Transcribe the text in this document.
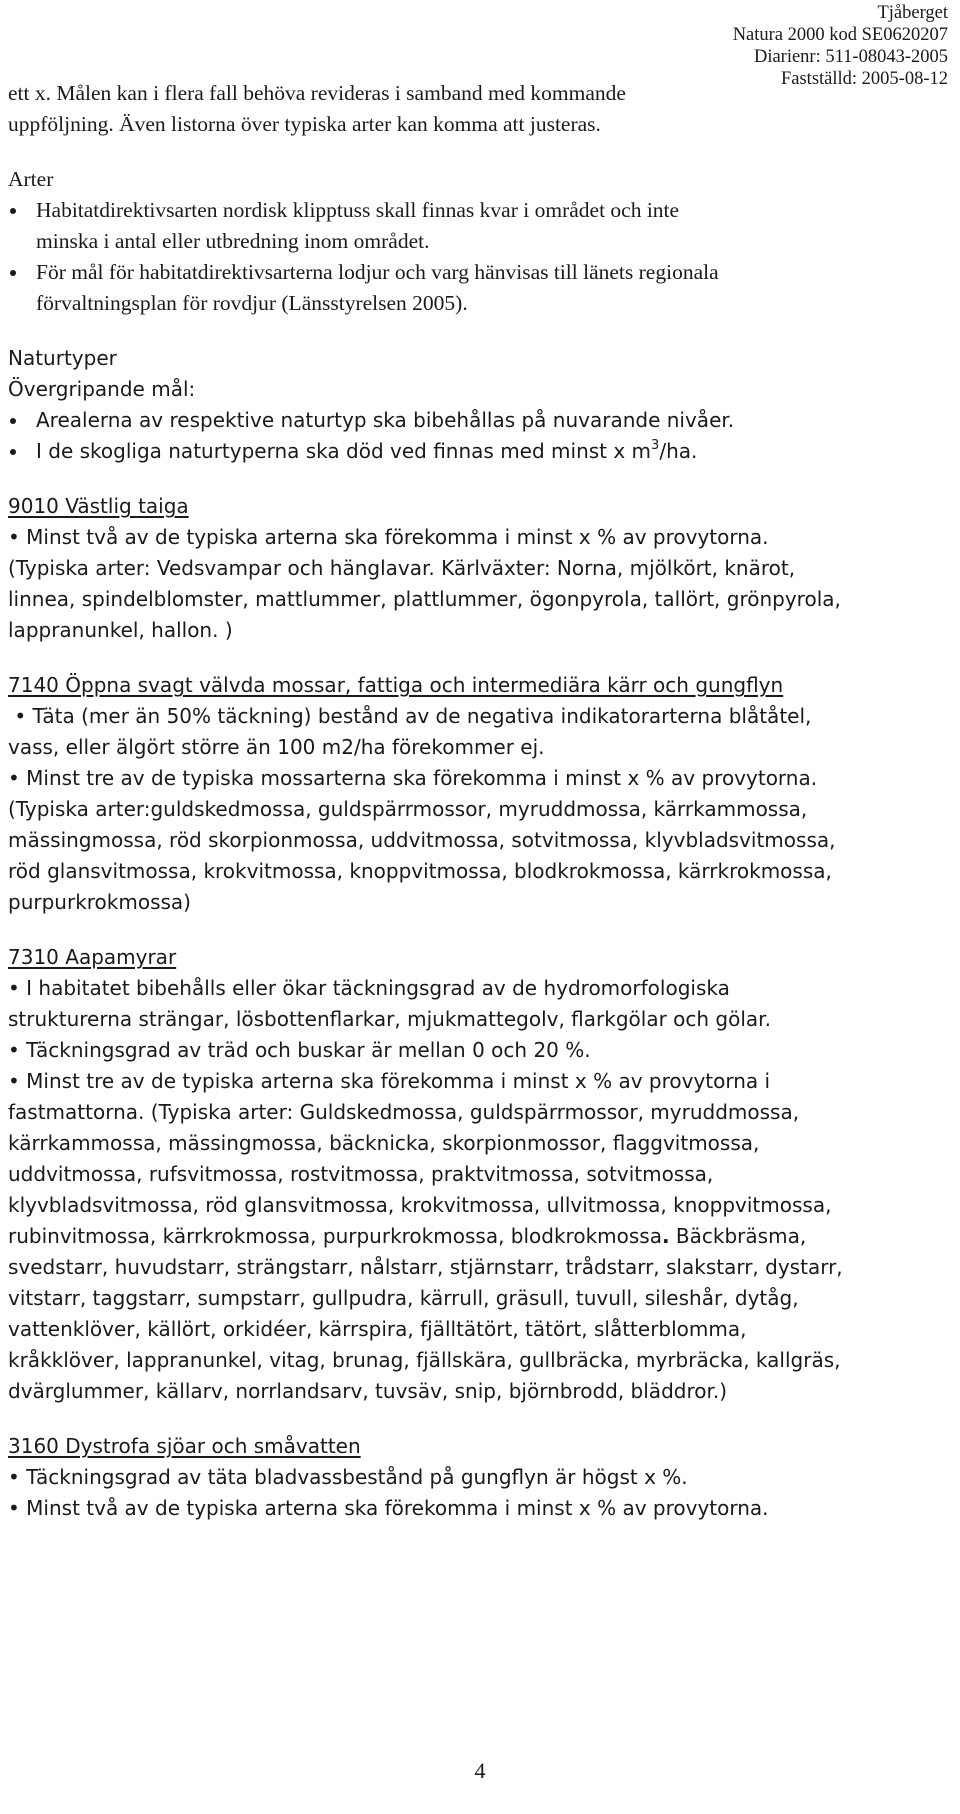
Tjåberget
Natura 2000 kod SE0620207
Diarienr: 511-08043-2005
Fastställd: 2005-08-12

ett x. Målen kan i flera fall behöva revideras i samband med kommande
uppföljning. Även listorna över typiska arter kan komma att justeras.

Arter

Habitatdirektivsarten nordisk klipptuss skall finnas kvar i området och inte
minska i antal eller utbredning inom området.
För mål för habitatdirektivsarterna lodjur och varg hänvisas till länets regionala
förvaltningsplan för rovdjur (Länsstyrelsen 2005).

Naturtyper

Övergripande mål:

Arealerna av respektive naturtyp ska bibehållas på nuvarande nivåer.
I de skogliga naturtyperna ska död ved finnas med minst x $m^3/ha$.

9010 Västlig taiga

• Minst två av de typiska arterna ska förekomma i minst x % av provytorna.

(Typiska arter: Vedsvampar och hänglavar. Kärlväxter: Norna, mjölkört, knärot,
linnea, spindelblomster, mattlummer, plattlummer, ögonpyrola, tallört, grönpyrola,
lappranunkel, hallon. )

7140 Öppna svagt välvda mossar, fattiga och intermediära kärr och gungflyn

• Täta (mer än 50% täckning) bestånd av de negativa indikatorarterna blåtåtel,

vass, eller älgört större än 100 m2/ha förekommer ej.

• Minst tre av de typiska mossarterna ska förekomma i minst x % av provytorna.

(Typiska arter:guldskedmossa, guldspärrmossor, myruddmossa, kärrkammossa,
mässingmossa, röd skorpionmossa, uddvitmossa, sotvitmossa, klyvbladsvitmossa,
röd glansvitmossa, krokvitmossa, knoppvitmossa, blodkrokmossa, kärrkrokmossa,
purpurkrokmossa)

7310 Aapamyrar

• I habitatet bibehålls eller ökar täckningsgrad av de hydromorfologiska

strukturerna strängar, lösbottenflarkar, mjukmattegolv, flarkgölar och gölar.

• Täckningsgrad av träd och buskar är mellan 0 och 20 %.
• Minst tre av de typiska arterna ska förekomma i minst x % av provytorna i

fastmattorna. (Typiska arter: Guldskedmossa, guldspärrmossor, myruddmossa,
kärrkammossa, mässingmossa, bäcknicka, skorpionmossor, flaggvitmossa,
uddvitmossa, rufsvitmossa, rostvitmossa, praktvitmossa, sotvitmossa,
klyvbladsvitmossa, röd glansvitmossa, krokvitmossa, ullvitmossa, knoppvitmossa,
rubinvitmossa, kärrkrokmossa, purpurkrokmossa, blodkrokmossa. Bäckbräsma,
svedstarr, huvudstarr, strängstarr, nålstarr, stjärnstarr, trådstarr, slakstarr, dystarr,
vitstarr, taggstarr, sumpstarr, gullpudra, kärrull, gräsull, tuvull, sileshår, dytåg,
vattenklöver, källört, orkidéer, kärrspira, fjälltätört, tätört, slåtterblomma,
kråkklöver, lappranunkel, vitag, brunag, fjällskära, gullbräcka, myrbräcka, kallgräs,
dvärglummer, källarv, norrlandsarv, tuvsäv, snip, björnbrodd, bläddror.)

3160 Dystrofa sjöar och småvatten

• Täckningsgrad av täta bladvassbestånd på gungflyn är högst x %.
• Minst två av de typiska arterna ska förekomma i minst x % av provytorna.
4
